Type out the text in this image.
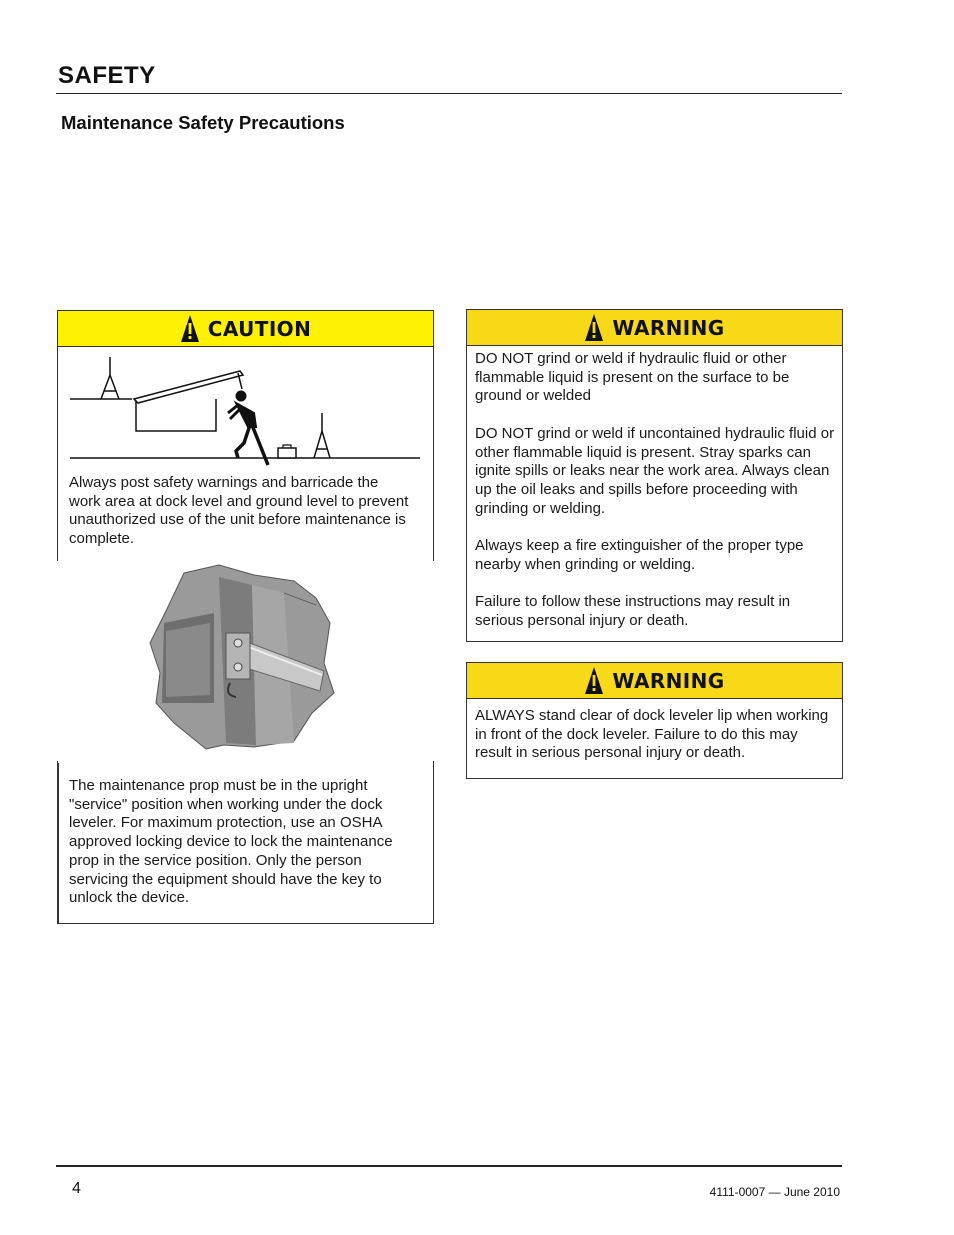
SAFETY
Maintenance Safety Precautions
CAUTION
Always post safety warnings and barricade the work area at dock level and ground level to prevent unauthorized use of the unit before maintenance is complete.
The maintenance prop must be in the upright "service" position when working under the dock leveler. For maximum protection, use an OSHA approved locking device to lock the maintenance prop in the service position. Only the person servicing the equipment should have the key to unlock the device.
WARNING

DO NOT grind or weld if hydraulic fluid or other flammable liquid is present on the surface to be ground or welded

DO NOT grind or weld if uncontained hydraulic fluid or other flammable liquid is present. Stray sparks can ignite spills or leaks near the work area. Always clean up the oil leaks and spills before proceeding with grinding or welding.

Always keep a fire extinguisher of the proper type nearby when grinding or welding.

Failure to follow these instructions may result in serious personal injury or death.

WARNING

ALWAYS stand clear of dock leveler lip when working in front of the dock leveler. Failure to do this may result in serious personal injury or death.

4	4111-0007 — June 2010
